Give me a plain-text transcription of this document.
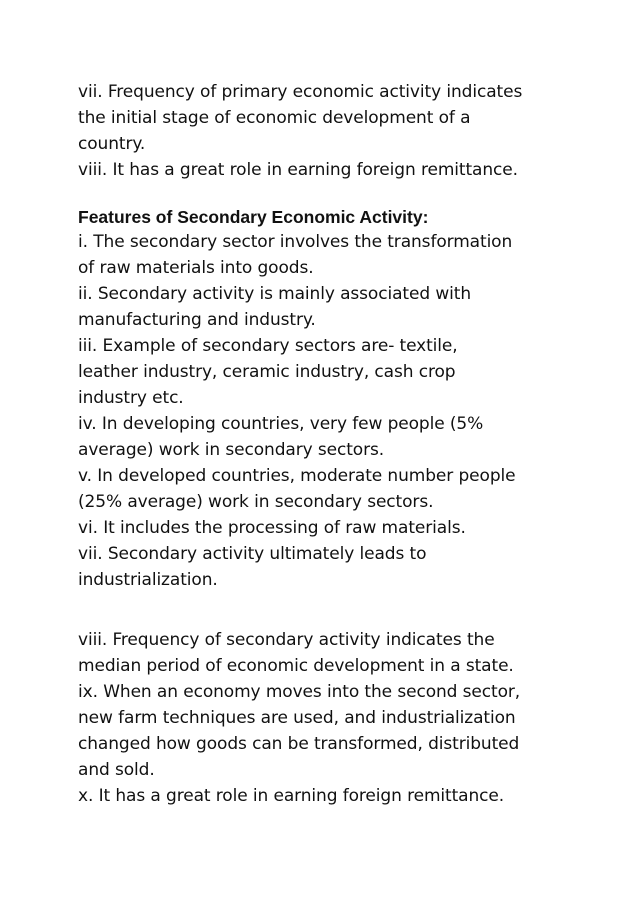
vii. Frequency of primary economic activity indicates
the initial stage of economic development of a
country.
viii. It has a great role in earning foreign remittance.
Features of Secondary Economic Activity:
i. The secondary sector involves the transformation
of raw materials into goods.
ii. Secondary activity is mainly associated with
manufacturing and industry.
iii. Example of secondary sectors are- textile,
leather industry, ceramic industry, cash crop
industry etc.
iv. In developing countries, very few people (5%
average) work in secondary sectors.
v. In developed countries, moderate number people
(25% average) work in secondary sectors.
vi. It includes the processing of raw materials.
vii. Secondary activity ultimately leads to
industrialization.
viii. Frequency of secondary activity indicates the
median period of economic development in a state.
ix. When an economy moves into the second sector,
new farm techniques are used, and industrialization
changed how goods can be transformed, distributed
and sold.
x. It has a great role in earning foreign remittance.
